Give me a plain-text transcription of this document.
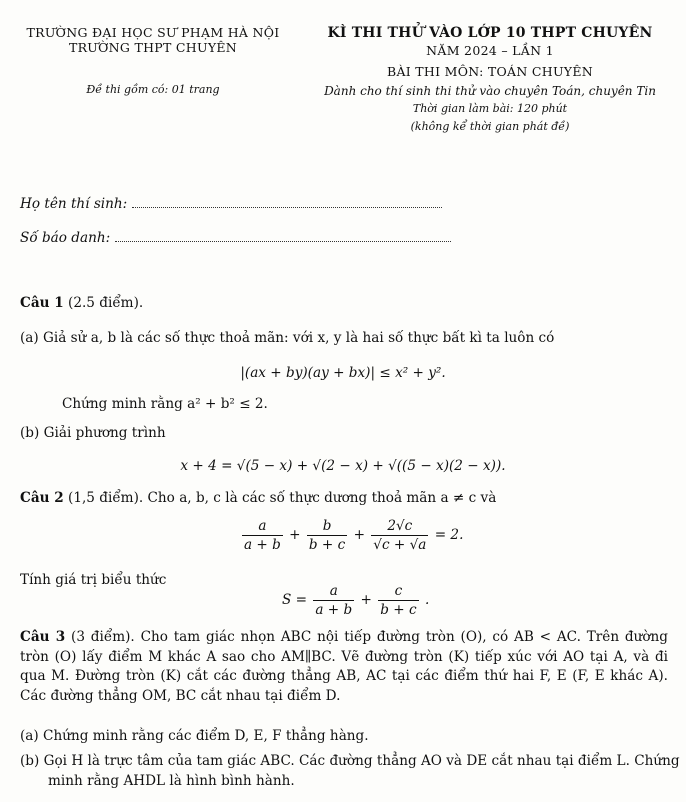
TRƯỜNG ĐẠI HỌC SƯ PHẠM HÀ NỘI
TRƯỜNG THPT CHUYÊN
Đề thi gồm có: 01 trang
KÌ THI THỬ VÀO LỚP 10 THPT CHUYÊN
NĂM 2024 – LẦN 1
BÀI THI MÔN: TOÁN CHUYÊN
Dành cho thí sinh thi thử vào chuyên Toán, chuyên Tin
Thời gian làm bài: 120 phút
(không kể thời gian phát đề)
Họ tên thí sinh:
Số báo danh:
Câu 1 (2.5 điểm).
(a) Giả sử a, b là các số thực thoả mãn: với x, y là hai số thực bất kì ta luôn có
|(ax + by)(ay + bx)| ≤ x² + y².
Chứng minh rằng a² + b² ≤ 2.
(b) Giải phương trình
x + 4 = √(5 − x) + √(2 − x) + √((5 − x)(2 − x)).
Câu 2 (1,5 điểm). Cho a, b, c là các số thực dương thoả mãn a ≠ c và
$\frac{a}{a + b} + \frac{b}{b + c} + \frac{2√c}{√c + √a} = 2$.
Tính giá trị biểu thức
$S = \frac{a}{a + b} + \frac{c}{b + c}$ .
Câu 3 (3 điểm). Cho tam giác nhọn ABC nội tiếp đường tròn (O), có AB < AC. Trên đường tròn (O) lấy điểm M khác A sao cho AM∥BC. Vẽ đường tròn (K) tiếp xúc với AO tại A, và đi qua M. Đường tròn (K) cắt các đường thẳng AB, AC tại các điểm thứ hai F, E (F, E khác A). Các đường thẳng OM, BC cắt nhau tại điểm D.
(a) Chứng minh rằng các điểm D, E, F thẳng hàng.
(b) Gọi H là trực tâm của tam giác ABC. Các đường thẳng AO và DE cắt nhau tại điểm L. Chứng minh rằng AHDL là hình bình hành.
